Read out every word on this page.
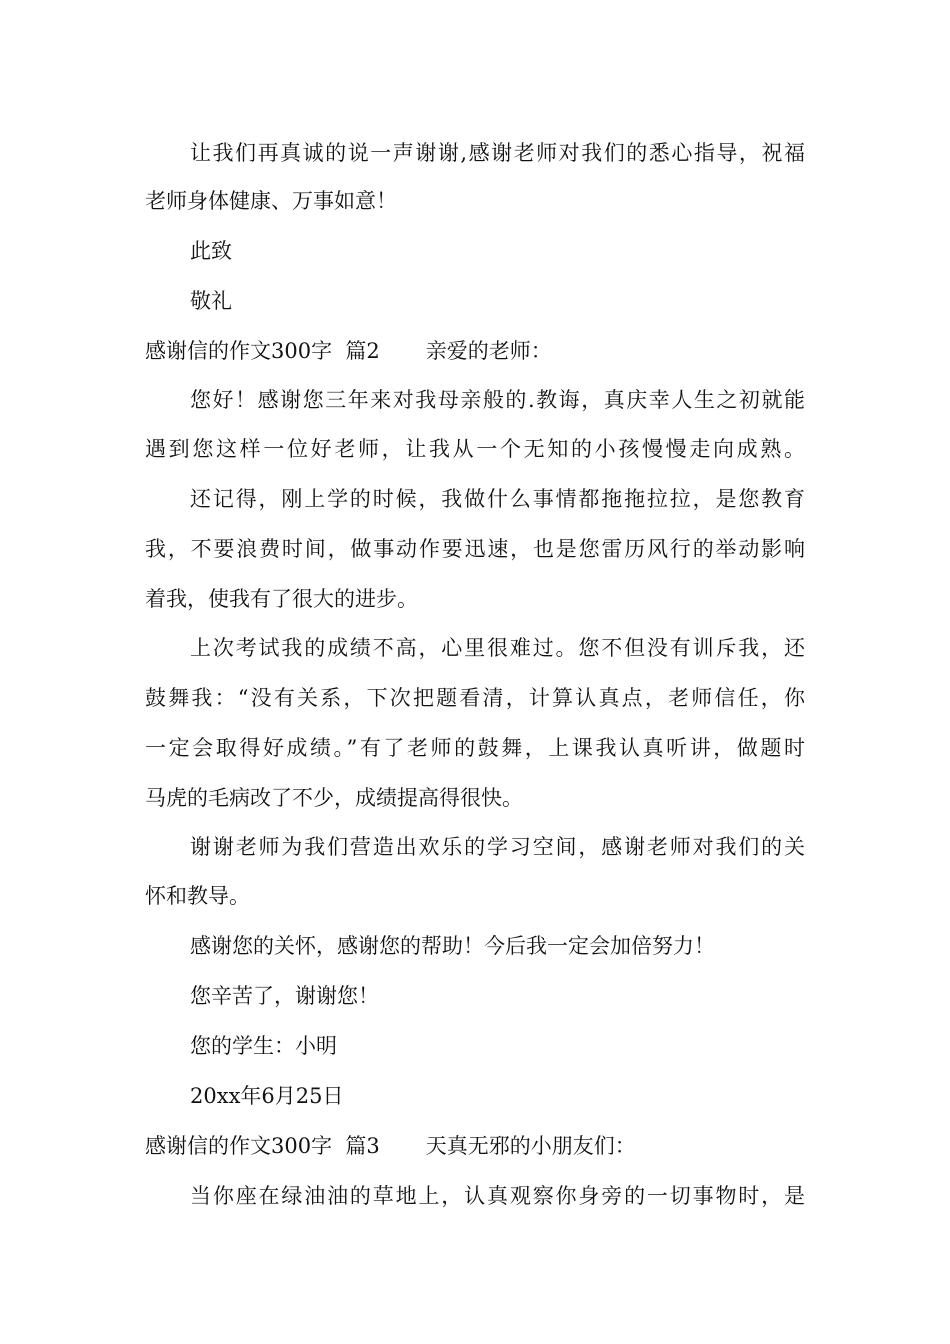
让我们再真诚的说一声谢谢,感谢老师对我们的悉心指导，祝福
老师身体健康、万事如意！
此致
敬礼
感谢信的作文300字  篇2 亲爱的老师：
您好！感谢您三年来对我母亲般的.教诲，真庆幸人生之初就能
遇到您这样一位好老师，让我从一个无知的小孩慢慢走向成熟。
还记得，刚上学的时候，我做什么事情都拖拖拉拉，是您教育
我，不要浪费时间，做事动作要迅速，也是您雷历风行的举动影响
着我，使我有了很大的进步。
上次考试我的成绩不高，心里很难过。您不但没有训斥我，还
鼓舞我：“没有关系，下次把题看清，计算认真点，老师信任，你
一定会取得好成绩。”有了老师的鼓舞，上课我认真听讲，做题时
马虎的毛病改了不少，成绩提高得很快。
谢谢老师为我们营造出欢乐的学习空间，感谢老师对我们的关
怀和教导。
感谢您的关怀，感谢您的帮助！今后我一定会加倍努力！
您辛苦了，谢谢您！
您的学生：小明
20xx年6月25日
感谢信的作文300字  篇3 天真无邪的小朋友们：
当你座在绿油油的草地上，认真观察你身旁的一切事物时，是
